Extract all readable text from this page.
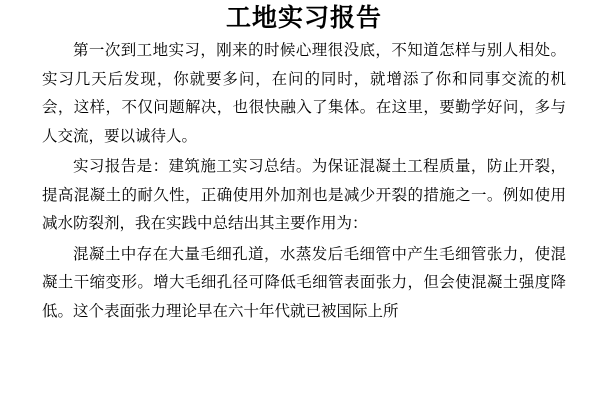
工地实习报告

第一次到工地实习，刚来的时候心理很没底，不知道怎样与别人相处。实习几天后发现，你就要多问，在问的同时，就增添了你和同事交流的机会，这样，不仅问题解决，也很快融入了集体。在这里，要勤学好问，多与人交流，要以诚待人。

实习报告是：建筑施工实习总结。为保证混凝土工程质量，防止开裂，提高混凝土的耐久性，正确使用外加剂也是减少开裂的措施之一。例如使用减水防裂剂，我在实践中总结出其主要作用为：

混凝土中存在大量毛细孔道，水蒸发后毛细管中产生毛细管张力，使混凝土干缩变形。增大毛细孔径可降低毛细管表面张力，但会使混凝土强度降低。这个表面张力理论早在六十年代就已被国际上所
